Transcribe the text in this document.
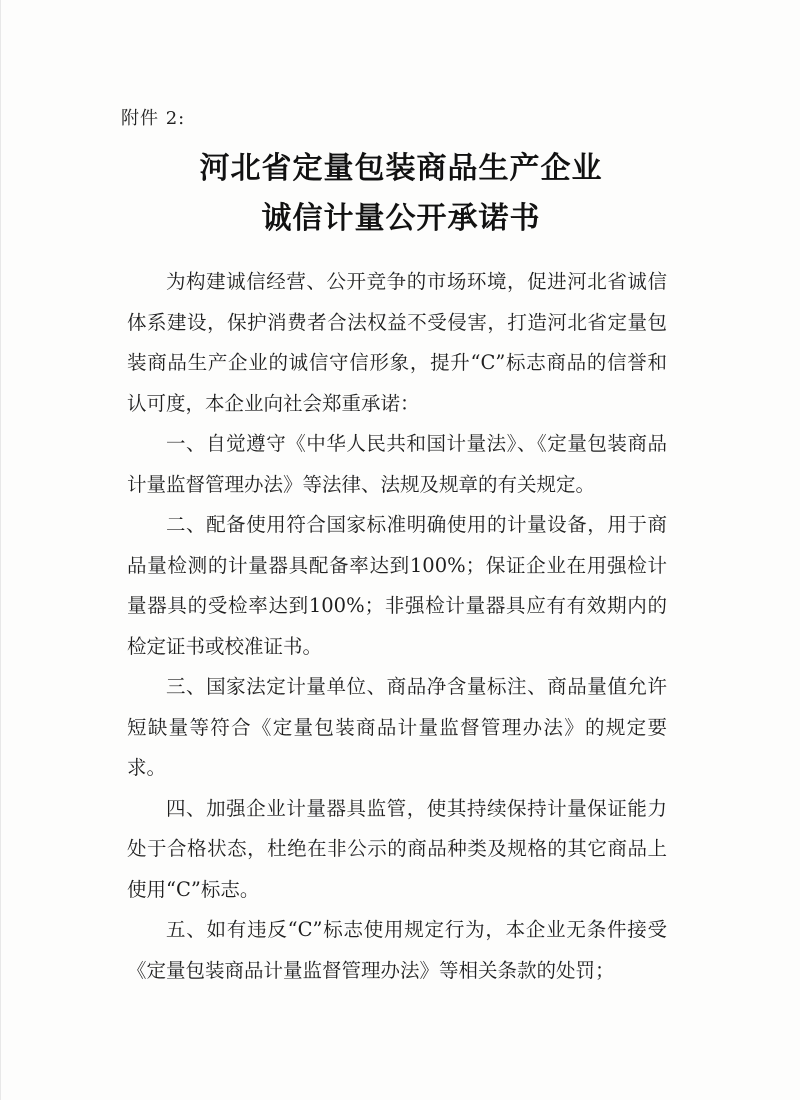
附件 2:
河北省定量包装商品生产企业
诚信计量公开承诺书

为构建诚信经营、公开竞争的市场环境，促进河北省诚信体系建设，保护消费者合法权益不受侵害，打造河北省定量包装商品生产企业的诚信守信形象，提升“C”标志商品的信誉和认可度，本企业向社会郑重承诺：

一、自觉遵守《中华人民共和国计量法》、《定量包装商品计量监督管理办法》等法律、法规及规章的有关规定。

二、配备使用符合国家标准明确使用的计量设备，用于商品量检测的计量器具配备率达到100%；保证企业在用强检计量器具的受检率达到100%；非强检计量器具应有有效期内的检定证书或校准证书。

三、国家法定计量单位、商品净含量标注、商品量值允许短缺量等符合《定量包装商品计量监督管理办法》的规定要求。

四、加强企业计量器具监管，使其持续保持计量保证能力处于合格状态，杜绝在非公示的商品种类及规格的其它商品上使用“C”标志。

五、如有违反“C”标志使用规定行为，本企业无条件接受《定量包装商品计量监督管理办法》等相关条款的处罚；
